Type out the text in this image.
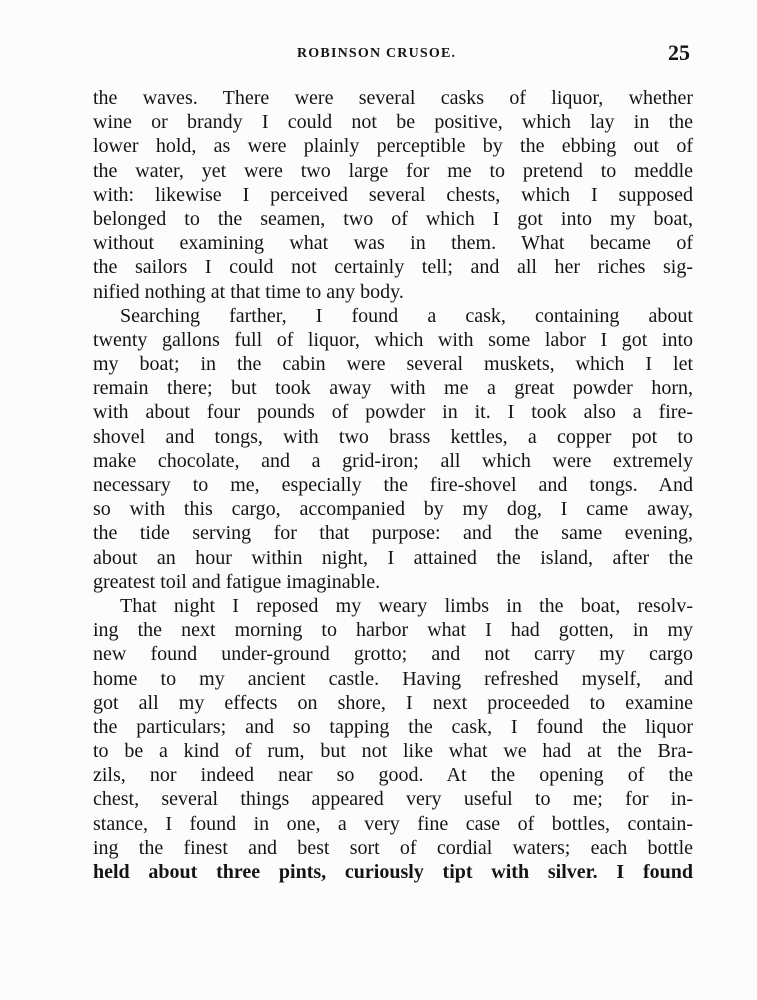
ROBINSON CRUSOE.	25
the waves. There were several casks of liquor, whether
wine or brandy I could not be positive, which lay in the
lower hold, as were plainly perceptible by the ebbing out of
the water, yet were two large for me to pretend to meddle
with: likewise I perceived several chests, which I supposed
belonged to the seamen, two of which I got into my boat,
without examining what was in them. What became of
the sailors I could not certainly tell; and all her riches sig-
nified nothing at that time to any body.
Searching farther, I found a cask, containing about
twenty gallons full of liquor, which with some labor I got into
my boat; in the cabin were several muskets, which I let
remain there; but took away with me a great powder horn,
with about four pounds of powder in it. I took also a fire-
shovel and tongs, with two brass kettles, a copper pot to
make chocolate, and a grid-iron; all which were extremely
necessary to me, especially the fire-shovel and tongs. And
so with this cargo, accompanied by my dog, I came away,
the tide serving for that purpose: and the same evening,
about an hour within night, I attained the island, after the
greatest toil and fatigue imaginable.
That night I reposed my weary limbs in the boat, resolv-
ing the next morning to harbor what I had gotten, in my
new found under-ground grotto; and not carry my cargo
home to my ancient castle. Having refreshed myself, and
got all my effects on shore, I next proceeded to examine
the particulars; and so tapping the cask, I found the liquor
to be a kind of rum, but not like what we had at the Bra-
zils, nor indeed near so good. At the opening of the
chest, several things appeared very useful to me; for in-
stance, I found in one, a very fine case of bottles, contain-
ing the finest and best sort of cordial waters; each bottle
held about three pints, curiously tipt with silver. I found
